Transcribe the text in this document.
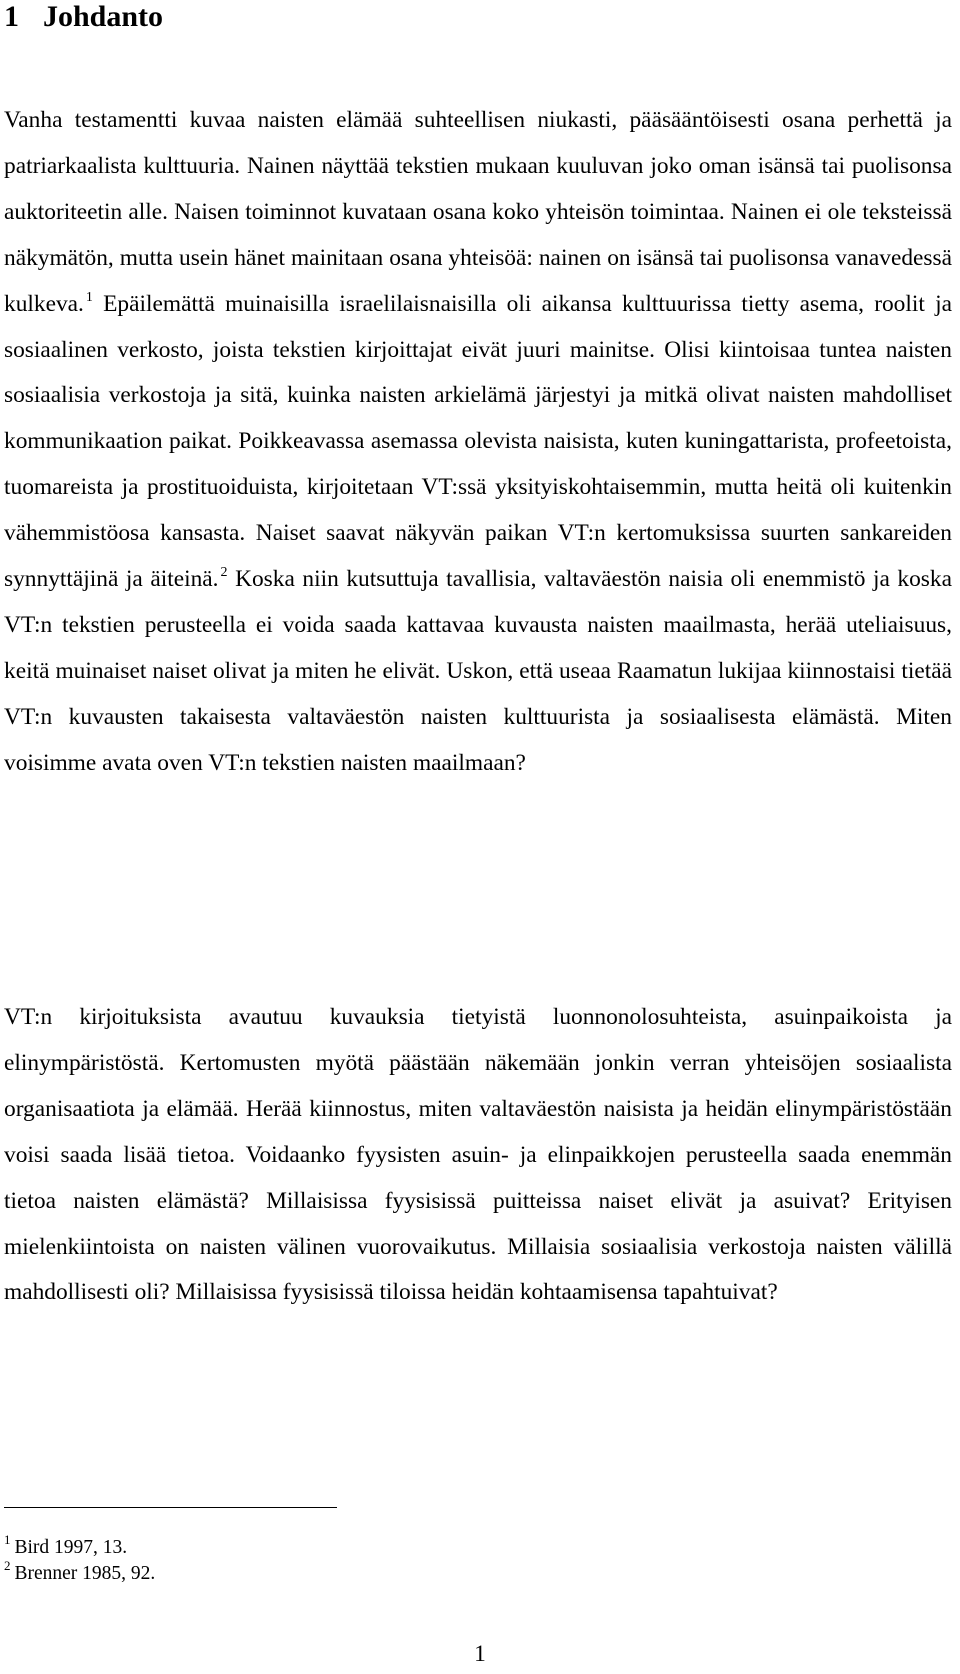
1 Johdanto

Vanha testamentti kuvaa naisten elämää suhteellisen niukasti, pääsääntöisesti osana perhettä ja patriarkaalista kulttuuria. Nainen näyttää tekstien mukaan kuuluvan joko oman isänsä tai puolisonsa auktoriteetin alle. Naisen toiminnot kuvataan osana koko yhteisön toimintaa. Nainen ei ole teksteissä näkymätön, mutta usein hänet mainitaan osana yhteisöä: nainen on isänsä tai puolisonsa vanavedessä kulkeva. $^1$ Epäilemättä muinaisilla israelilaisnaisilla oli aikansa kulttuurissa tietty asema, roolit ja sosiaalinen verkosto, joista tekstien kirjoittajat eivät juuri mainitse. Olisi kiintoisaa tuntea naisten sosiaalisia verkostoja ja sitä, kuinka naisten arkielämä järjestyi ja mitkä olivat naisten mahdolliset kommunikaation paikat. Poikkeavassa asemassa olevista naisista, kuten kuningattarista, profeetoista, tuomareista ja prostituoiduista, kirjoitetaan VT:ssä yksityiskohtaisemmin, mutta heitä oli kuitenkin vähemmistöosa kansasta. Naiset saavat näkyvän paikan VT:n kertomuksissa suurten sankareiden synnyttäjinä ja äiteinä. $^2$ Koska niin kutsuttuja tavallisia, valtaväestön naisia oli enemmistö ja koska VT:n tekstien perusteella ei voida saada kattavaa kuvausta naisten maailmasta, herää uteliaisuus, keitä muinaiset naiset olivat ja miten he elivät. Uskon, että useaa Raamatun lukijaa kiinnostaisi tietää VT:n kuvausten takaisesta valtaväestön naisten kulttuurista ja sosiaalisesta elämästä. Miten voisimme avata oven VT:n tekstien naisten maailmaan?

VT:n kirjoituksista avautuu kuvauksia tietyistä luonnonolosuhteista, asuinpaikoista ja elinympäristöstä. Kertomusten myötä päästään näkemään jonkin verran yhteisöjen sosiaalista organisaatiota ja elämää. Herää kiinnostus, miten valtaväestön naisista ja heidän elinympäristöstään voisi saada lisää tietoa. Voidaanko fyysisten asuin- ja elinpaikkojen perusteella saada enemmän tietoa naisten elämästä? Millaisissa fyysisissä puitteissa naiset elivät ja asuivat? Erityisen mielenkiintoista on naisten välinen vuorovaikutus. Millaisia sosiaalisia verkostoja naisten välillä mahdollisesti oli? Millaisissa fyysisissä tiloissa heidän kohtaamisensa tapahtuivat?

$^1$ Bird 1997, 13.

$^2$ Brenner 1985, 92.

1
